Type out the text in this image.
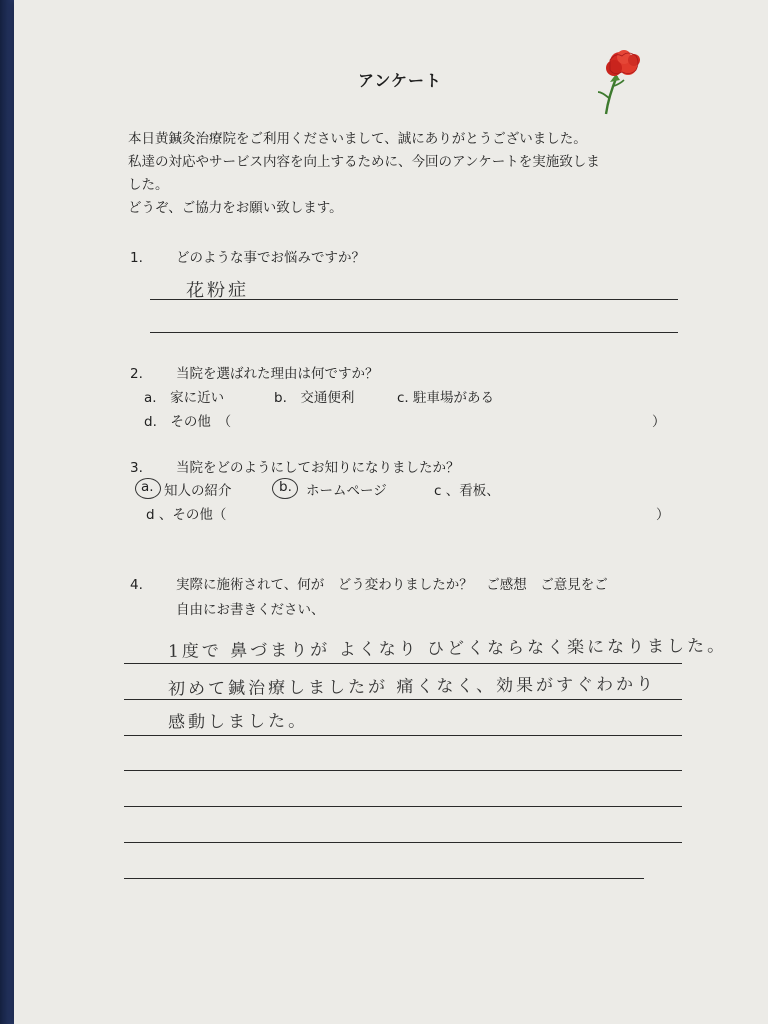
アンケート
本日黄鍼灸治療院をご利用くださいまして、誠にありがとうございました。
私達の対応やサービス内容を向上するために、今回のアンケートを実施致しま
した。
どうぞ、ご協力をお願い致します。
1. どのような事でお悩みですか？
花粉症
2. 当院を選ばれた理由は何ですか？
a.　家に近い	b.　交通便利	c. 駐車場がある
d.　その他　（	）
3. 当院をどのようにしてお知りになりましたか？
a. 知人の紹介	b. ホームページ	c 、看板、
d 、その他（	）
4. 実際に施術されて、何が　どう変わりましたか？　ご感想　ご意見をご
自由にお書きください、
1度で 鼻づまりが よくなり ひどくならなく楽になりました。
初めて鍼治療しましたが 痛くなく、効果がすぐわかり
感動しました。
